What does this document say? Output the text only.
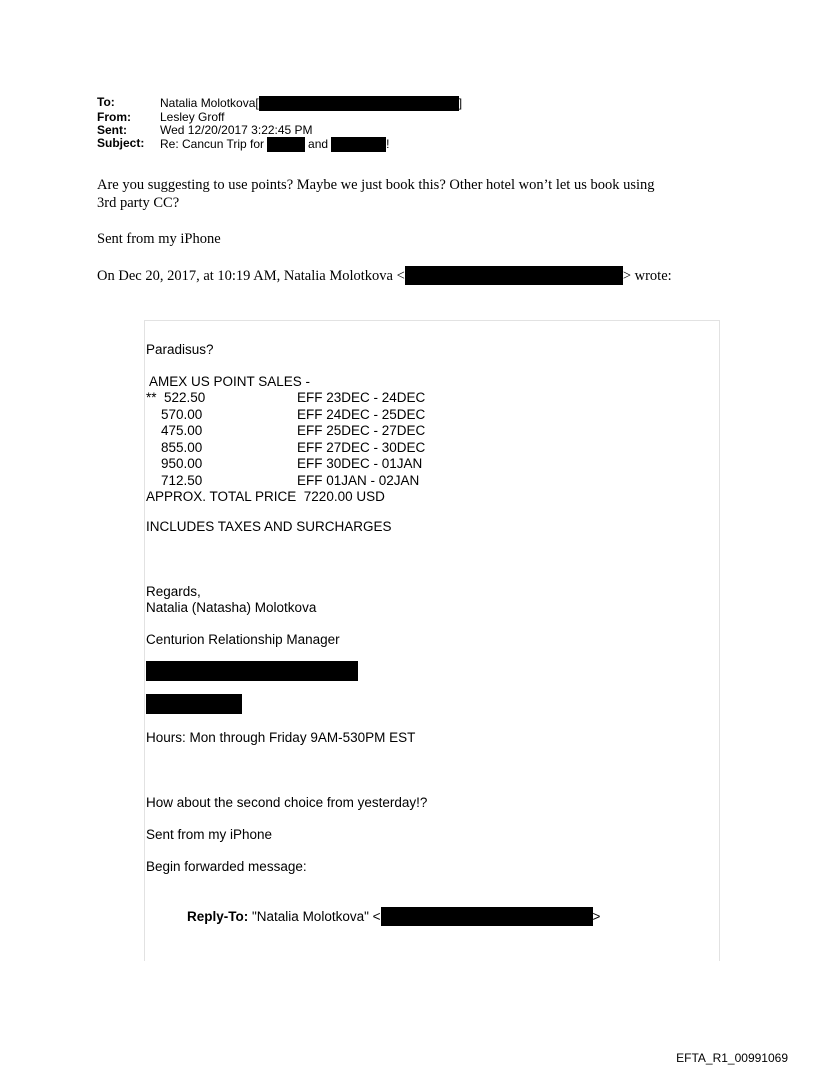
To:	Natalia Molotkova[	]
From:	Lesley Groff
Sent:	Wed 12/20/2017 3:22:45 PM
Subject:	Re: Cancun Trip for	and	!
Are you suggesting to use points? Maybe we just book this? Other hotel won’t let us book using
3rd party CC?
Sent from my iPhone
On Dec 20, 2017, at 10:19 AM, Natalia Molotkova <	> wrote:
Paradisus?
AMEX US POINT SALES -
**  522.50	EFF 23DEC - 24DEC
570.00	EFF 24DEC - 25DEC
475.00	EFF 25DEC - 27DEC
855.00	EFF 27DEC - 30DEC
950.00	EFF 30DEC - 01JAN
712.50	EFF 01JAN - 02JAN
APPROX. TOTAL PRICE  7220.00 USD
INCLUDES TAXES AND SURCHARGES
Regards,
Natalia (Natasha) Molotkova
Centurion Relationship Manager
Hours: Mon through Friday 9AM-530PM EST
How about the second choice from yesterday!?
Sent from my iPhone
Begin forwarded message:
Reply-To: "Natalia Molotkova" <	>
EFTA_R1_00991069
